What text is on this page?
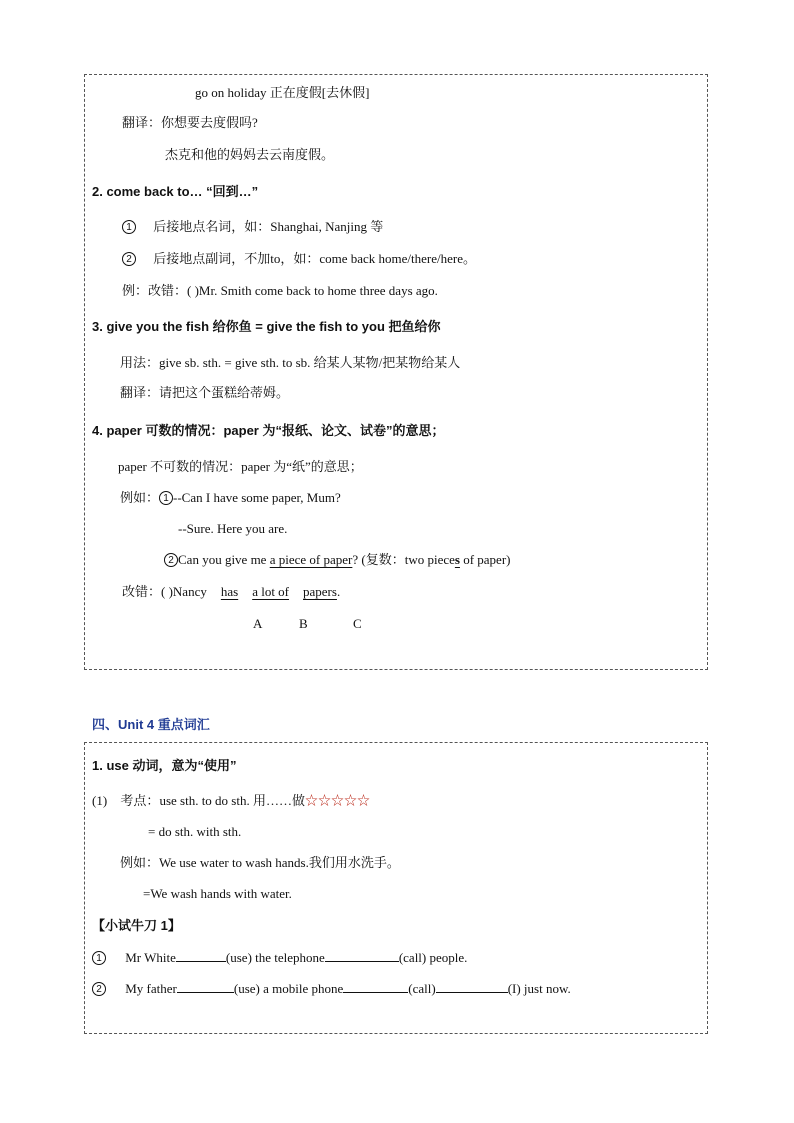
go on holiday 正在度假[去休假]
翻译：你想要去度假吗?
杰克和他的妈妈去云南度假。
2. come back to… “回到…”
1 后接地点名词，如：Shanghai, Nanjing 等
2 后接地点副词，不加to，如：come back home/there/here。
例：改错：( )Mr. Smith come back to home three days ago.
3. give you the fish 给你鱼 = give the fish to you 把鱼给你
用法：give sb. sth. = give sth. to sb. 给某人某物/把某物给某人
翻译：请把这个蛋糕给蒂姆。
4. paper 可数的情况：paper 为“报纸、论文、试卷”的意思；
paper 不可数的情况：paper 为“纸”的意思；
例如： 1 --Can I have some paper, Mum?
--Sure. Here you are.
2 Can you give me a piece of paper? (复数：two pieces of paper)
改错：( )Nancy has a lot of papers.
A	B	C
四、Unit 4 重点词汇
1. use 动词，意为“使用”
(1) 考点：use sth. to do sth. 用……做☆☆☆☆☆
= do sth. with sth.
例如：We use water to wash hands.我们用水洗手。
=We wash hands with water.
【小试牛刀 1】
1 Mr White	(use) the telephone	(call) people.
2 My father	(use) a mobile phone	(call)	(I) just now.
